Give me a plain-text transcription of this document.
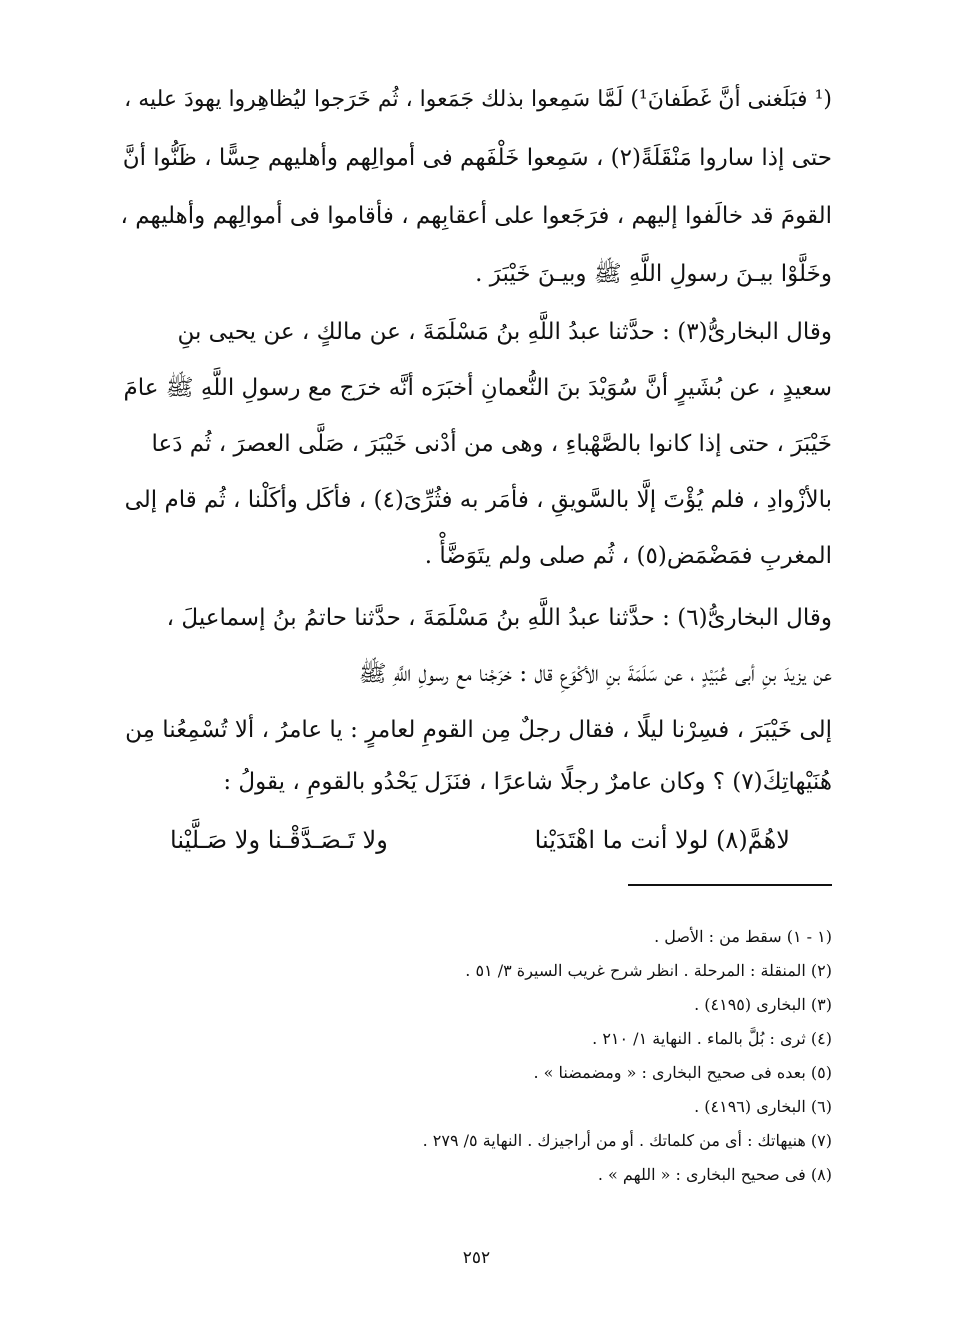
(¹ فبَلَغنى أنَّ غَطَفانَ¹) لَمَّا سَمِعوا بذلك جَمَعوا ، ثُم خَرَجوا ليُظاهِروا يهودَ عليه ،
حتى إذا ساروا مَنْقَلَةً(٢) ، سَمِعوا خَلْفَهم فى أموالِهم وأهليهم حِسًّا ، ظَنُّوا أنَّ
القومَ قد خالَفوا إليهم ، فرَجَعوا على أعقابِهم ، فأقاموا فى أموالِهم وأهليهم ،
وخَلَّوْا بيـنَ رسولِ اللَّهِ ﷺ وبيـنَ خَيْبَرَ .
وقال البخارىُّ(٣) : حدَّثنا عبدُ اللَّهِ بنُ مَسْلَمَةَ ، عن مالكٍ ، عن يحيى بنِ
سعيدٍ ، عن بُشَيرٍ أنَّ سُوَيْدَ بنَ النُّعمانِ أخبَرَه أنَّه خرَج مع رسولِ اللَّهِ ﷺ عامَ
خَيْبَرَ ، حتى إذا كانوا بالصَّهْباءِ ، وهى من أدْنى خَيْبَرَ ، صَلَّى العصرَ ، ثُم دَعا
بالأزْوادِ ، فلم يُؤْتَ إلَّا بالسَّويقِ ، فأمَر به فثُرِّىَ(٤) ، فأكَل وأكَلْنا ، ثُم قام إلى
المغربِ فمَضْمَض(٥) ، ثُم صلى ولم يتَوَضَّأْ .
وقال البخارىُّ(٦) : حدَّثنا عبدُ اللَّهِ بنُ مَسْلَمَةَ ، حدَّثنا حاتمُ بنُ إسماعيلَ ،
عن يزيدَ بنِ أبى عُبَيْدٍ ، عن سَلَمَةَ بنِ الأكْوَعِ قال : خرَجْنا مع رسولِ اللَّهِ ﷺ
إلى خَيْبَرَ ، فسِرْنا ليلًا ، فقال رجلٌ مِن القومِ لعامرٍ : يا عامرُ ، ألا تُسْمِعُنا مِن
هُنَيْهاتِكَ(٧) ؟ وكان عامرٌ رجلًا شاعرًا ، فنَزَل يَحْدُو بالقومِ ، يقولُ :
لاهُمَّ(٨) لولا أنت ما اهْتَدَيْنا
ولا تَـصَـدَّقْـنا ولا صَـلَّيْنا
(١ - ١) سقط من : الأصل .
(٢) المنقلة : المرحلة . انظر شرح غريب السيرة ٣/ ٥١ .
(٣) البخارى (٤١٩٥) .
(٤) ثرى : بُلَّ بالماء . النهاية ١/ ٢١٠ .
(٥) بعده فى صحيح البخارى : « ومضمضنا » .
(٦) البخارى (٤١٩٦) .
(٧) هنيهاتك : أى من كلماتك . أو من أراجيزك . النهاية ٥/ ٢٧٩ .
(٨) فى صحيح البخارى : « اللهم » .
٢٥٢
